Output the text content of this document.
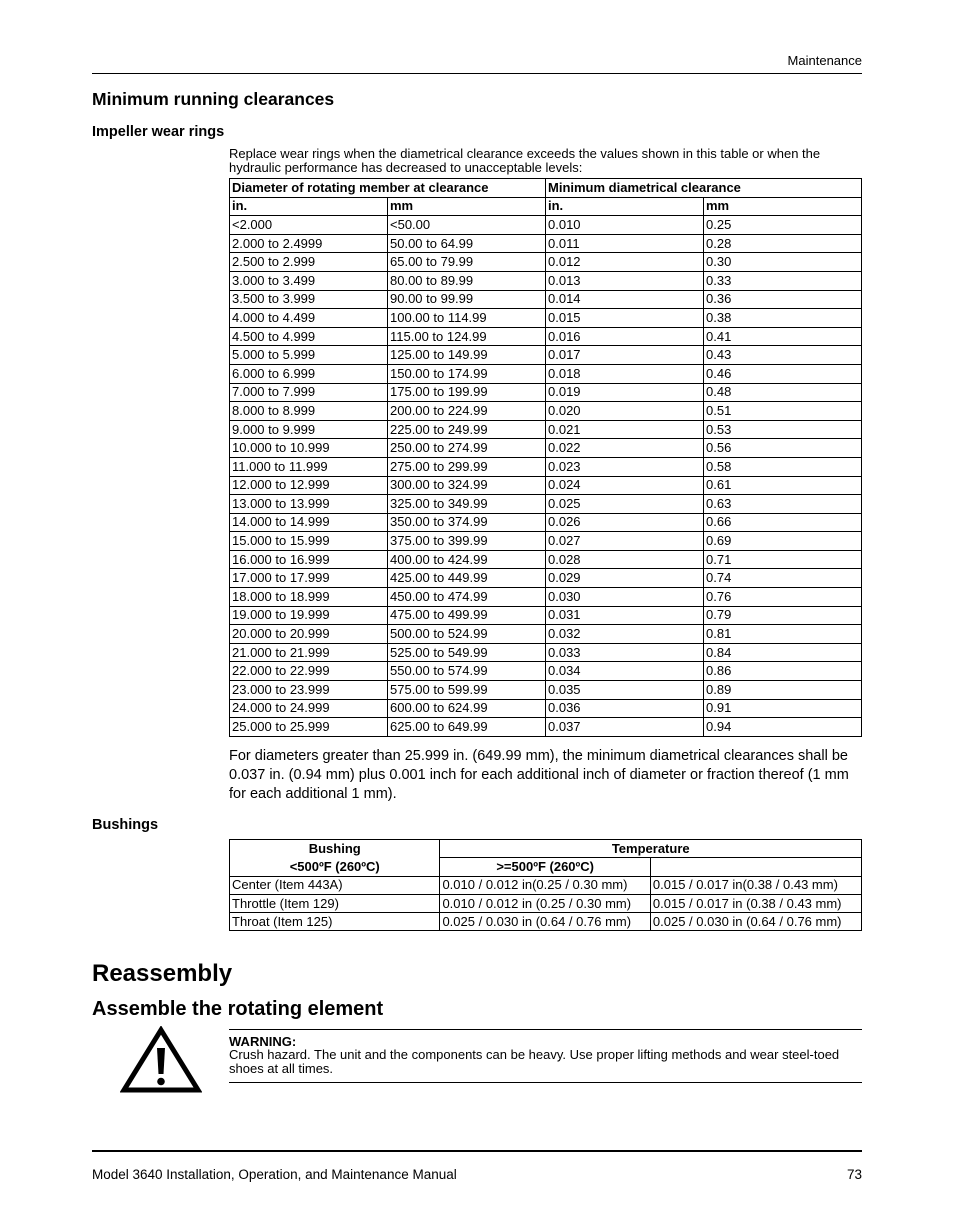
Maintenance
Minimum running clearances
Impeller wear rings
Replace wear rings when the diametrical clearance exceeds the values shown in this table or when the hydraulic performance has decreased to unacceptable levels:
Diameter of rotating member at clearance		Minimum diametrical clearance	
in.	mm	in.	mm
<2.000	<50.00	0.010	0.25
2.000 to 2.4999	50.00 to 64.99	0.011	0.28
2.500 to 2.999	65.00 to 79.99	0.012	0.30
3.000 to 3.499	80.00 to 89.99	0.013	0.33
3.500 to 3.999	90.00 to 99.99	0.014	0.36
4.000 to 4.499	100.00 to 114.99	0.015	0.38
4.500 to 4.999	115.00 to 124.99	0.016	0.41
5.000 to 5.999	125.00 to 149.99	0.017	0.43
6.000 to 6.999	150.00 to 174.99	0.018	0.46
7.000 to 7.999	175.00 to 199.99	0.019	0.48
8.000 to 8.999	200.00 to 224.99	0.020	0.51
9.000 to 9.999	225.00 to 249.99	0.021	0.53
10.000 to 10.999	250.00 to 274.99	0.022	0.56
11.000 to 11.999	275.00 to 299.99	0.023	0.58
12.000 to 12.999	300.00 to 324.99	0.024	0.61
13.000 to 13.999	325.00 to 349.99	0.025	0.63
14.000 to 14.999	350.00 to 374.99	0.026	0.66
15.000 to 15.999	375.00 to 399.99	0.027	0.69
16.000 to 16.999	400.00 to 424.99	0.028	0.71
17.000 to 17.999	425.00 to 449.99	0.029	0.74
18.000 to 18.999	450.00 to 474.99	0.030	0.76
19.000 to 19.999	475.00 to 499.99	0.031	0.79
20.000 to 20.999	500.00 to 524.99	0.032	0.81
21.000 to 21.999	525.00 to 549.99	0.033	0.84
22.000 to 22.999	550.00 to 574.99	0.034	0.86
23.000 to 23.999	575.00 to 599.99	0.035	0.89
24.000 to 24.999	600.00 to 624.99	0.036	0.91
25.000 to 25.999	625.00 to 649.99	0.037	0.94
For diameters greater than 25.999 in. (649.99 mm), the minimum diametrical clearances shall be 0.037 in. (0.94 mm) plus 0.001 inch for each additional inch of diameter or fraction thereof (1 mm for each additional 1 mm).
Bushings
Bushing	Temperature	
<500ºF (260ºC)	>=500ºF (260ºC)	
Center (Item 443A)	0.010 / 0.012 in(0.25 / 0.30 mm)	0.015 / 0.017 in(0.38 / 0.43 mm)
Throttle (Item 129)	0.010 / 0.012 in (0.25 / 0.30 mm)	0.015 / 0.017 in (0.38 / 0.43 mm)
Throat (Item 125)	0.025 / 0.030 in (0.64 / 0.76 mm)	0.025 / 0.030 in (0.64 / 0.76 mm)
Reassembly
Assemble the rotating element
WARNING:
Crush hazard. The unit and the components can be heavy. Use proper lifting methods and wear steel-toed shoes at all times.
Model 3640 Installation, Operation, and Maintenance Manual	73
